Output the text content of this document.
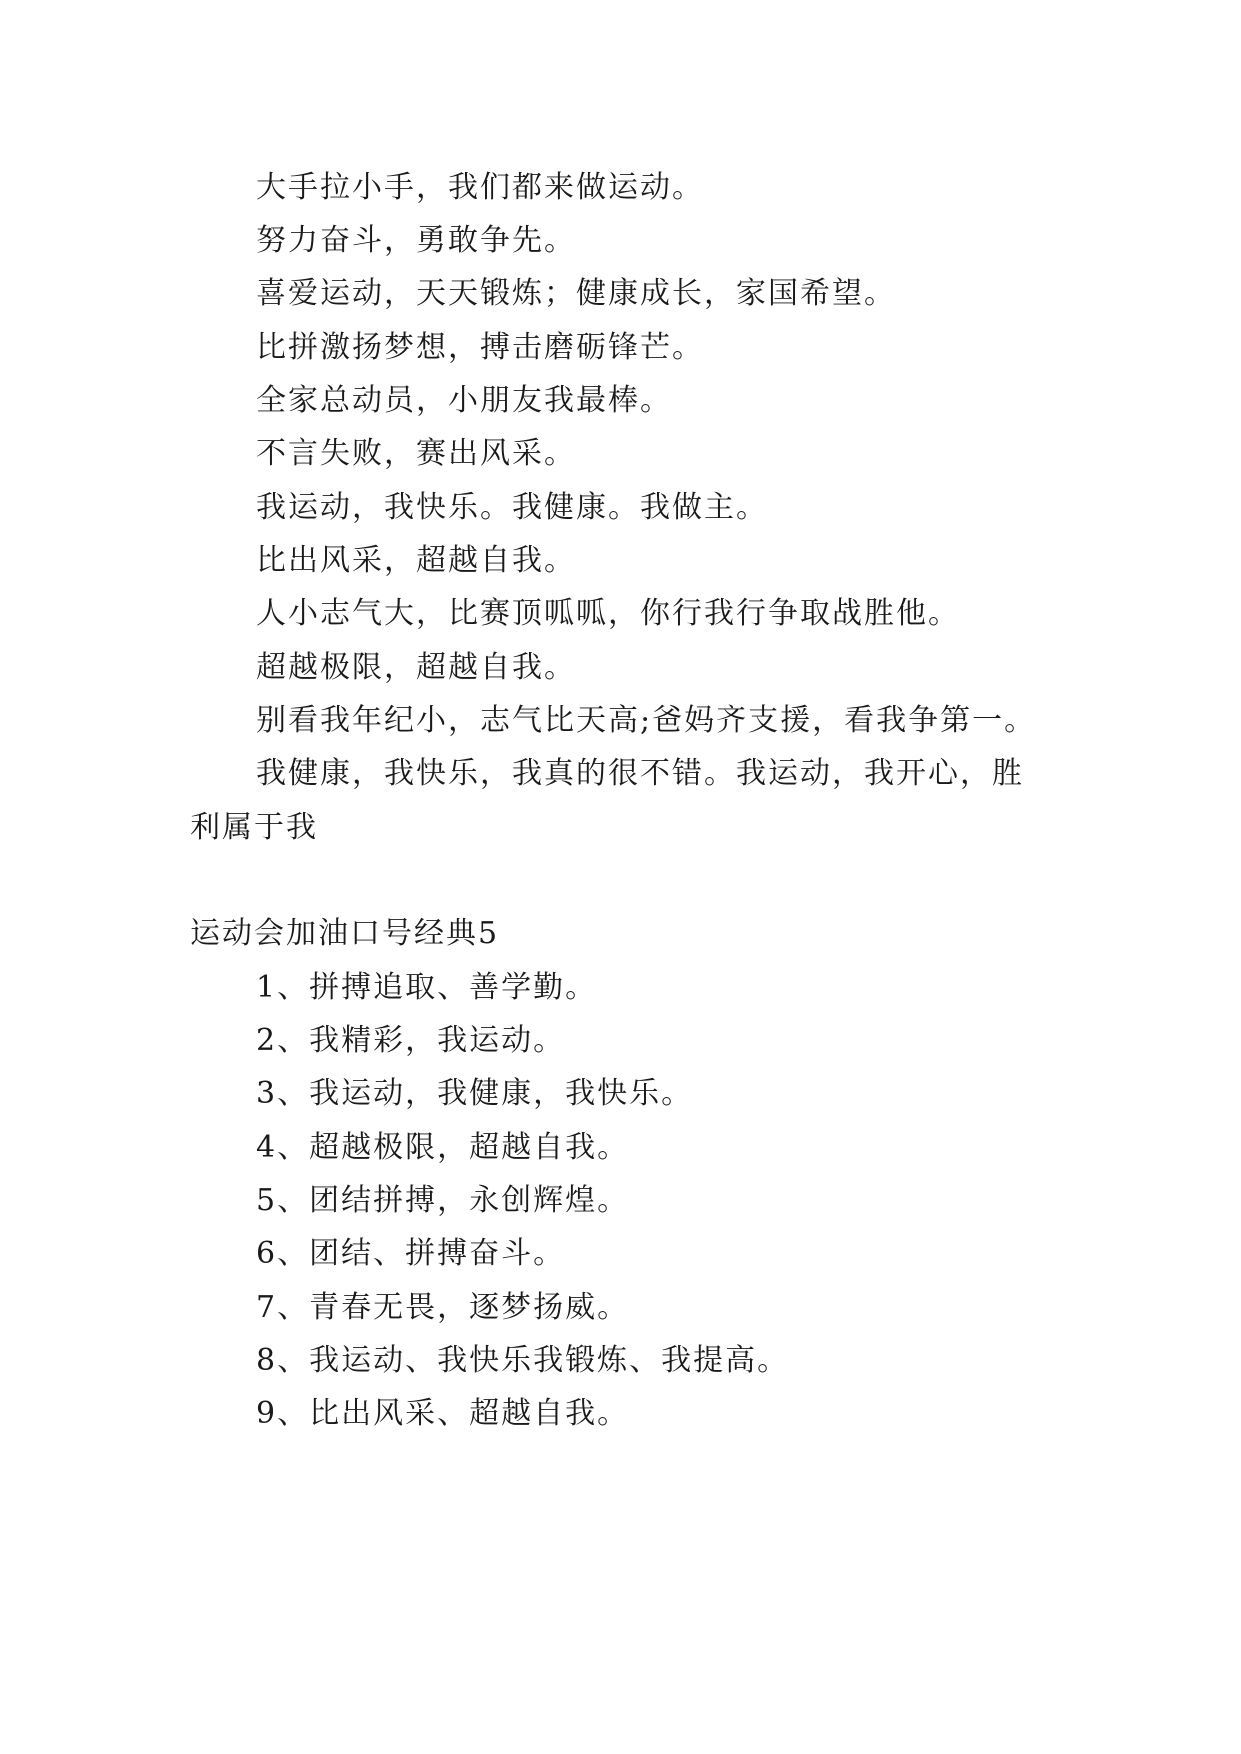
大手拉小手，我们都来做运动。
努力奋斗，勇敢争先。
喜爱运动，天天锻炼；健康成长，家国希望。
比拼激扬梦想，搏击磨砺锋芒。
全家总动员，小朋友我最棒。
不言失败，赛出风采。
我运动，我快乐。我健康。我做主。
比出风采，超越自我。
人小志气大，比赛顶呱呱，你行我行争取战胜他。
超越极限，超越自我。
别看我年纪小，志气比天高;爸妈齐支援，看我争第一。
我健康，我快乐，我真的很不错。我运动，我开心，胜
利属于我
运动会加油口号经典5
1、拼搏追取、善学勤。
2、我精彩，我运动。
3、我运动，我健康，我快乐。
4、超越极限，超越自我。
5、团结拼搏，永创辉煌。
6、团结、拼搏奋斗。
7、青春无畏，逐梦扬威。
8、我运动、我快乐我锻炼、我提高。
9、比出风采、超越自我。
